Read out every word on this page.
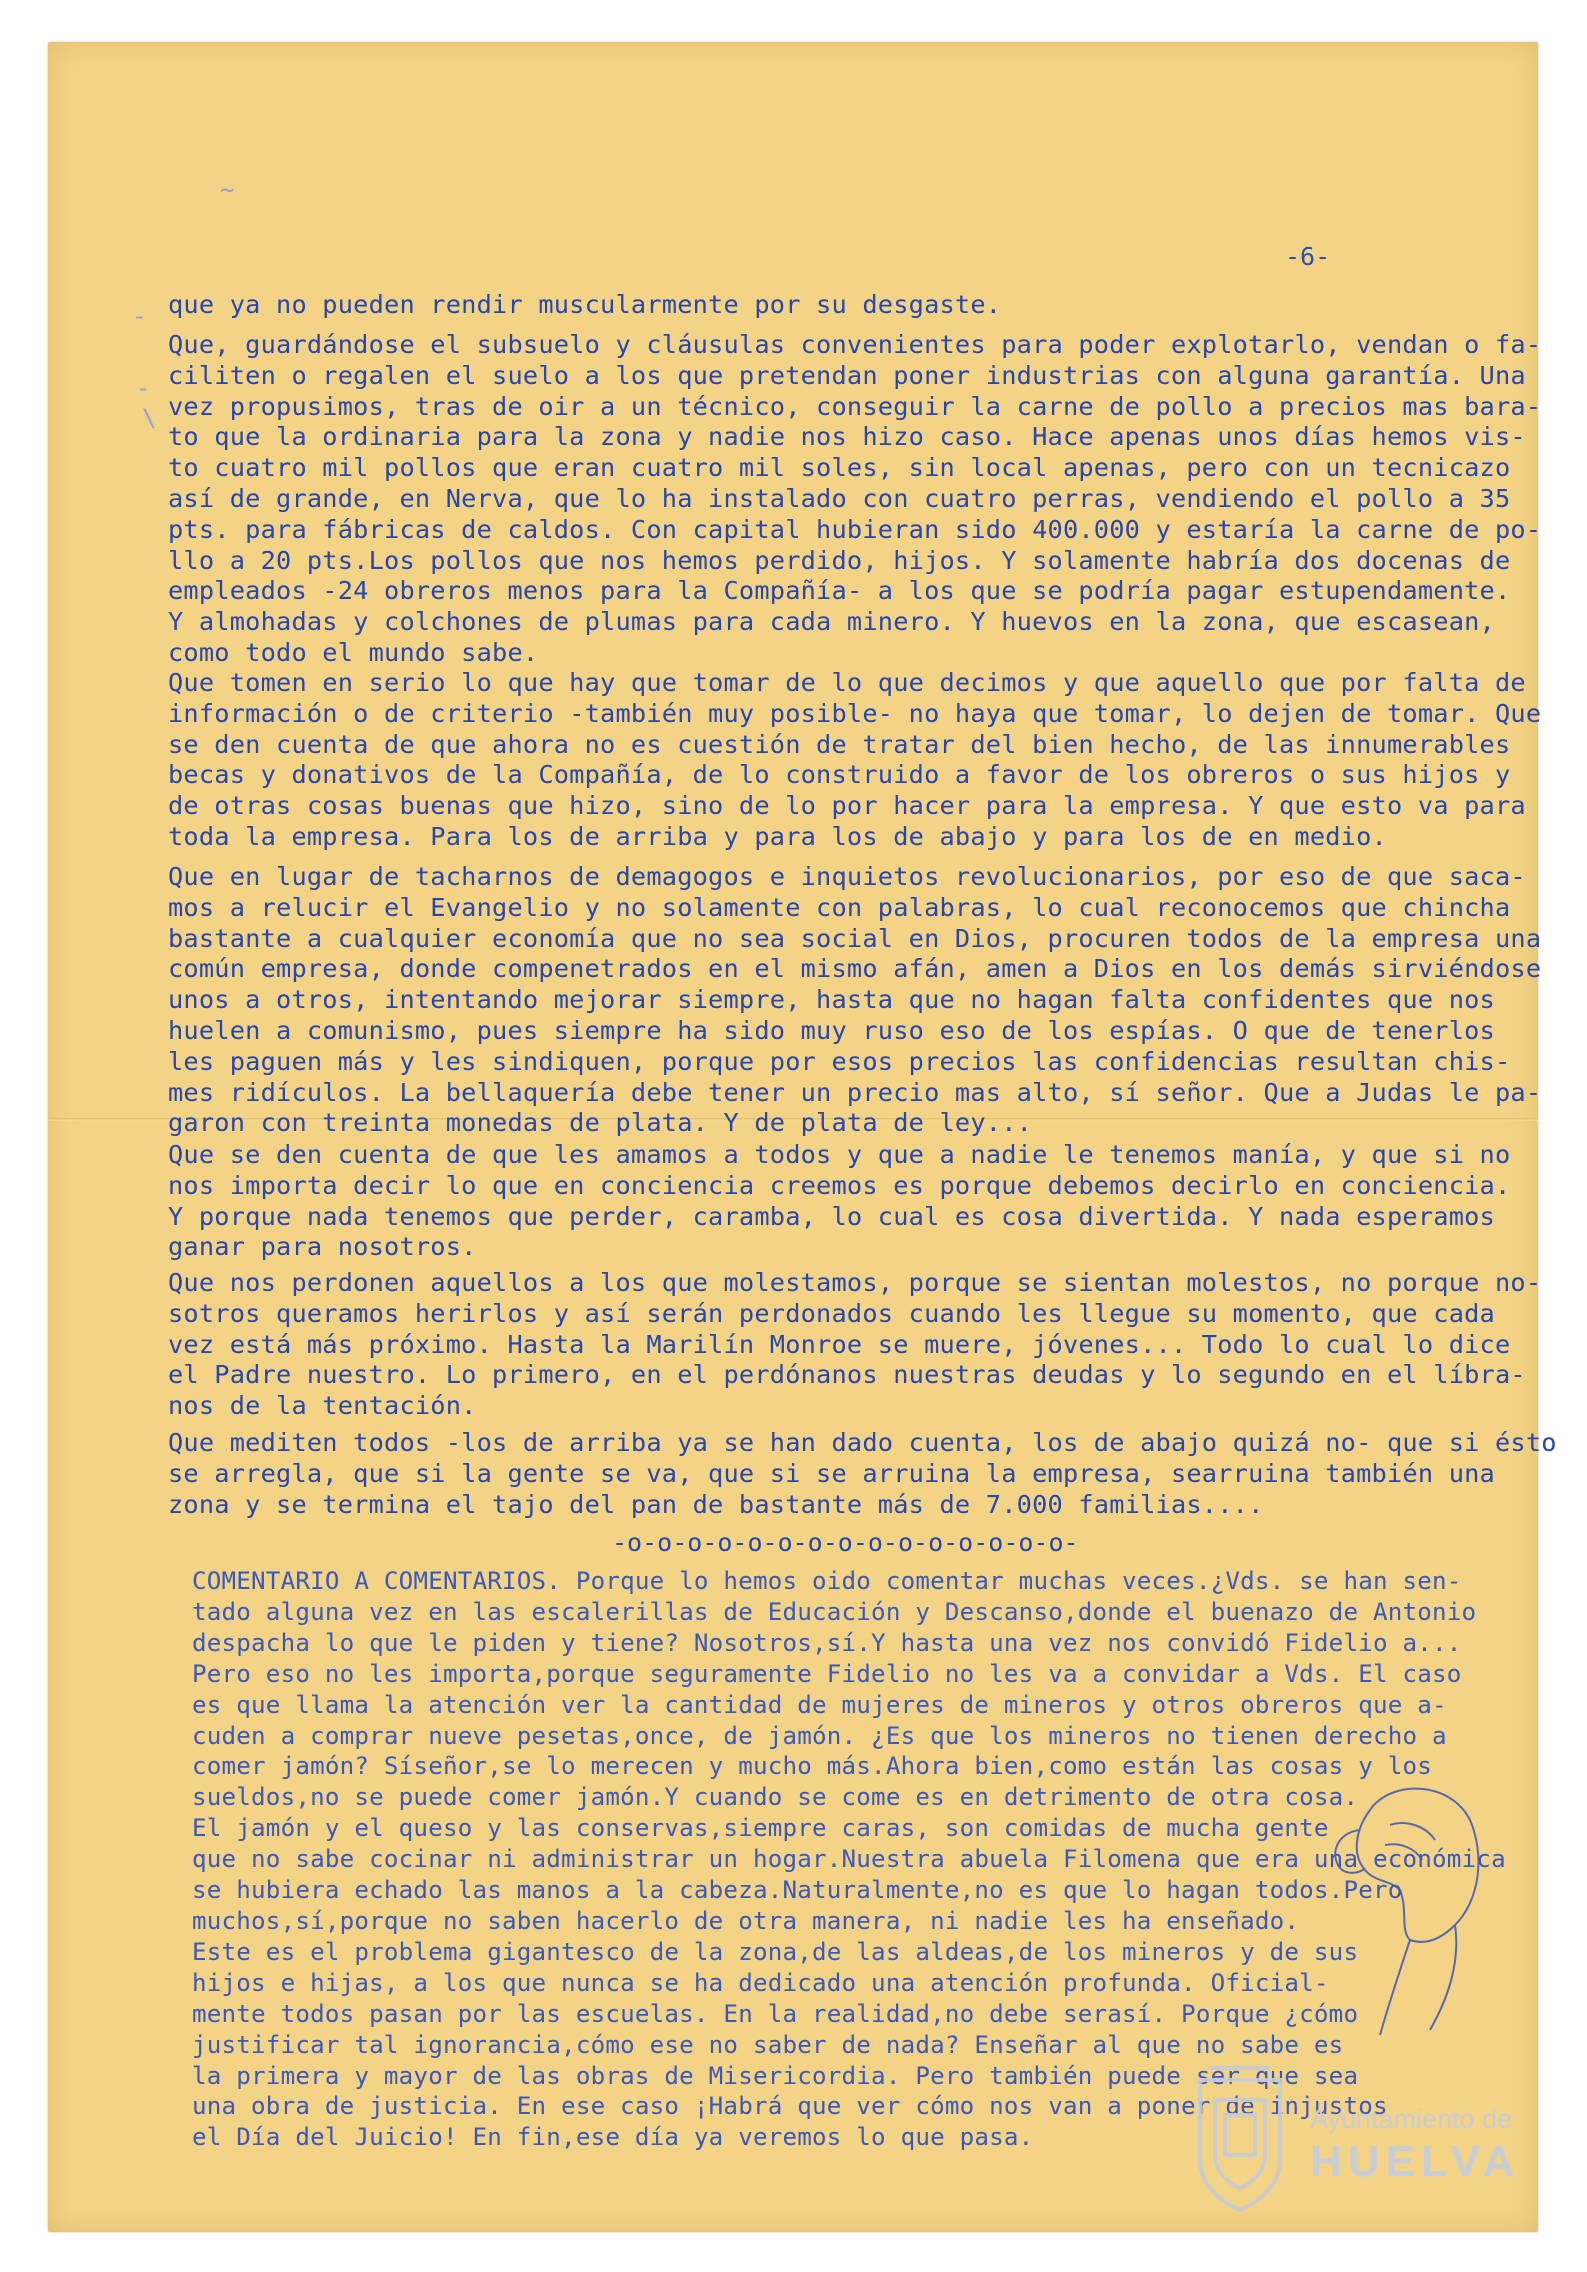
~
-
-
\
-6-
que ya no pueden rendir muscularmente por su desgaste.
Que, guardándose el subsuelo y cláusulas convenientes para poder explotarlo, vendan
ciliten o regalen el suelo a los que pretendan poner industrias con alguna garantía.
vez propusimos, tras de oir a un técnico, conseguir la carne de pollo a precios mas
to que la ordinaria para la zona y nadie nos hizo caso. Hace apenas unos días hemos
to cuatro mil pollos que eran cuatro mil soles, sin local apenas, pero con un tecnicazo
así de grande, en Nerva, que lo ha instalado con cuatro perras, vendiendo el pollo a
pts. para fábricas de caldos. Con capital hubieran sido 400.000 y estaría la carne de
llo a 20 pts.Los pollos que nos hemos perdido, hijos. Y solamente habría dos docenas
empleados -24 obreros menos para la Compañía- a los que se podría pagar estupendamente.
Y almohadas y colchones de plumas para cada minero. Y huevos en la zona, que escasean,
como todo el mundo sabe.
Que tomen en serio lo que hay que tomar de lo que decimos y que aquello que por falta
información o de criterio -también muy posible- no haya que tomar, lo dejen de tomar.
se den cuenta de que ahora no es cuestión de tratar del bien hecho, de las innumerables
becas y donativos de la Compañía, de lo construido a favor de los obreros o sus hijos
de otras cosas buenas que hizo, sino de lo por hacer para la empresa. Y que esto va
toda la empresa. Para los de arriba y para los de abajo y para los de en medio.
Que en lugar de tacharnos de demagogos e inquietos revolucionarios, por eso de que
mos a relucir el Evangelio y no solamente con palabras, lo cual reconocemos que chincha
bastante a cualquier economía que no sea social en Dios, procuren todos de la empresa
común empresa, donde compenetrados en el mismo afán, amen a Dios en los demás sirviéndose
unos a otros, intentando mejorar siempre, hasta que no hagan falta confidentes que
huelen a comunismo, pues siempre ha sido muy ruso eso de los espías. O que de tenerlos
les paguen más y les sindiquen, porque por esos precios las confidencias resultan
mes ridículos. La bellaquería debe tener un precio mas alto, sí señor. Que a Judas le
garon con treinta monedas de plata. Y de plata de ley...
Que se den cuenta de que les amamos a todos y que a nadie le tenemos manía, y que si
nos importa decir lo que en conciencia creemos es porque debemos decirlo en conciencia.
Y porque nada tenemos que perder, caramba, lo cual es cosa divertida. Y nada esperamos
ganar para nosotros.
Que nos perdonen aquellos a los que molestamos, porque se sientan molestos, no porque
sotros queramos herirlos y así serán perdonados cuando les llegue su momento, que cada
vez está más próximo. Hasta la Marilín Monroe se muere, jóvenes... Todo lo cual lo
el Padre nuestro. Lo primero, en el perdónanos nuestras deudas y lo segundo en el
nos de la tentación.
Que mediten todos -los de arriba ya se han dado cuenta, los de abajo quizá no- que si
se arregla, que si la gente se va, que si se arruina la empresa, searruina también
zona y se termina el tajo del pan de bastante más de 7.000 familias....
-o-o-o-o-o-o-o-o-o-o-o-o-o-o-o-
COMENTARIO A COMENTARIOS. Porque lo hemos oido comentar muchas veces.¿Vds. se han sen-
tado alguna vez en las escalerillas de Educación y Descanso,donde el buenazo de Antonio
despacha lo que le piden y tiene? Nosotros,sí.Y hasta una vez nos convidó Fidelio a...
Pero eso no les importa,porque seguramente Fidelio no les va a convidar a Vds. El caso
es que llama la atención ver la cantidad de mujeres de mineros y otros obreros que a-
cuden a comprar nueve pesetas,once, de jamón. ¿Es que los mineros no tienen derecho a
comer jamón? Síseñor,se lo merecen y mucho más.Ahora bien,como están las cosas y los
sueldos,no se puede comer jamón.Y cuando se come es en detrimento de otra cosa.
El jamón y el queso y las conservas,siempre caras, son comidas de mucha gente
que no sabe cocinar ni administrar un hogar.Nuestra abuela Filomena que era una económica
se hubiera echado las manos a la cabeza.Naturalmente,no es que lo hagan todos.Pero
muchos,sí,porque no saben hacerlo de otra manera, ni nadie les ha enseñado.
Este es el problema gigantesco de la zona,de las aldeas,de los mineros y de sus
hijos e hijas, a los que nunca se ha dedicado una atención profunda. Oficial-
mente todos pasan por las escuelas. En la realidad,no debe serasí. Porque ¿cómo
justificar tal ignorancia,cómo ese no saber de nada? Enseñar al que no sabe es
la primera y mayor de las obras de Misericordia. Pero también puede ser que sea
una obra de justicia. En ese caso ¡Habrá que ver cómo nos van a poner de injustos
el Día del Juicio! En fin,ese día ya veremos lo que pasa.
Ayuntamiento de
HUELVA
